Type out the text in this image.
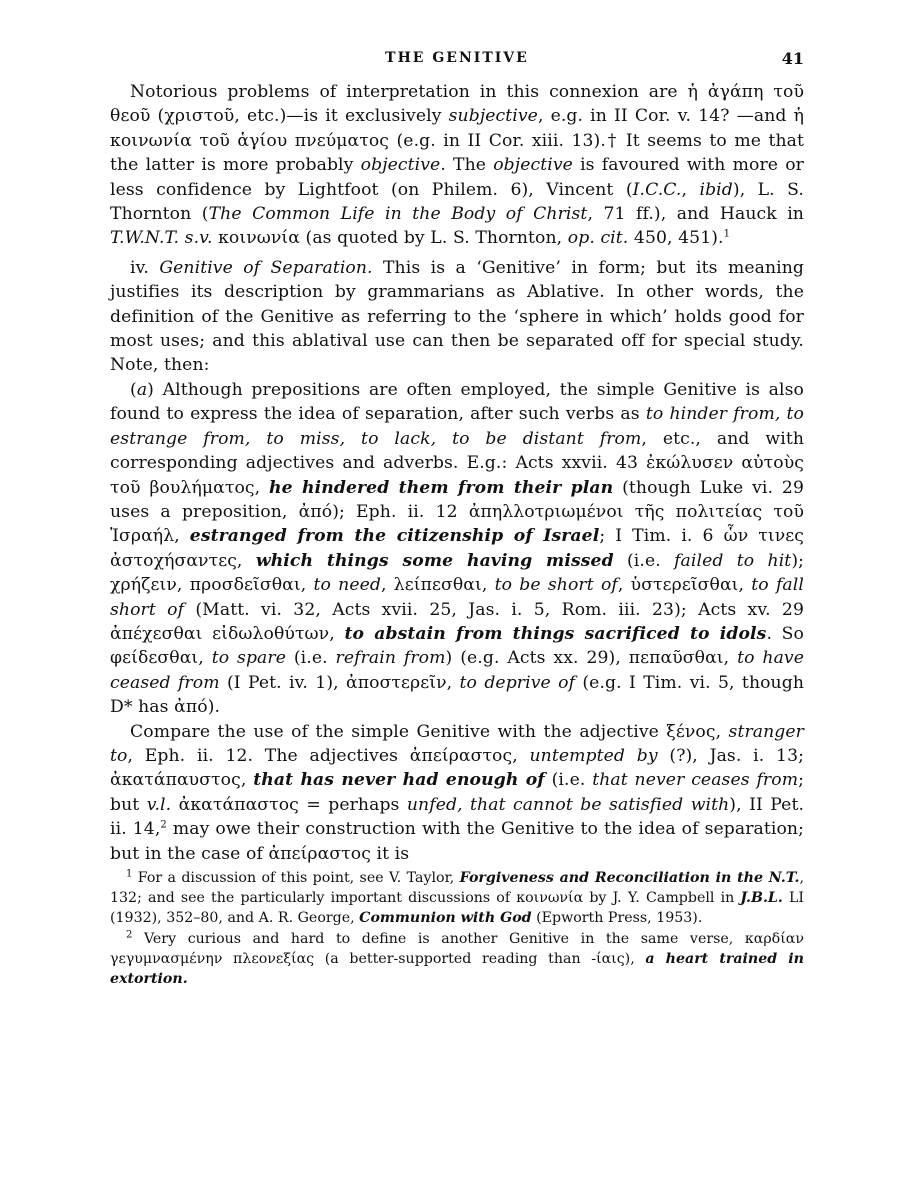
THE GENITIVE	41

Notorious problems of interpretation in this connexion are ἡ ἀγάπη τοῦ θεοῦ (χριστοῦ, etc.)—is it exclusively subjective, e.g. in II Cor. v. 14? —and ἡ κοινωνία τοῦ ἁγίου πνεύματος (e.g. in II Cor. xiii. 13).† It seems to me that the latter is more probably objective. The objective is favoured with more or less confidence by Lightfoot (on Philem. 6), Vincent (I.C.C., ibid), L. S. Thornton (The Common Life in the Body of Christ, 71 ff.), and Hauck in T.W.N.T. s.v. κοινωνία (as quoted by L. S. Thornton, op. cit. 450, 451).$^1$

iv. Genitive of Separation. This is a ‘Genitive’ in form; but its meaning justifies its description by grammarians as Ablative. In other words, the definition of the Genitive as referring to the ‘sphere in which’ holds good for most uses; and this ablatival use can then be separated off for special study. Note, then:

(a) Although prepositions are often employed, the simple Genitive is also found to express the idea of separation, after such verbs as to hinder from, to estrange from, to miss, to lack, to be distant from, etc., and with corresponding adjectives and adverbs. E.g.: Acts xxvii. 43 ἐκώλυσεν αὐτοὺς τοῦ βουλήματος, he hindered them from their plan (though Luke vi. 29 uses a preposition, ἀπό); Eph. ii. 12 ἀπηλλοτριωμένοι τῆς πολιτείας τοῦ Ἰσραήλ, estranged from the citizenship of Israel; I Tim. i. 6 ὧν τινες ἀστοχήσαντες, which things some having missed (i.e. failed to hit); χρήζειν, προσδεῖσθαι, to need, λείπεσθαι, to be short of, ὑστερεῖσθαι, to fall short of (Matt. vi. 32, Acts xvii. 25, Jas. i. 5, Rom. iii. 23); Acts xv. 29 ἀπέχεσθαι εἰδωλοθύτων, to abstain from things sacrificed to idols. So φείδεσθαι, to spare (i.e. refrain from) (e.g. Acts xx. 29), πεπαῦσθαι, to have ceased from (I Pet. iv. 1), ἀποστερεῖν, to deprive of (e.g. I Tim. vi. 5, though D* has ἀπό).

Compare the use of the simple Genitive with the adjective ξένος, stranger to, Eph. ii. 12. The adjectives ἀπείραστος, untempted by (?), Jas. i. 13; ἀκατάπαυστος, that has never had enough of (i.e. that never ceases from; but v.l. ἀκατάπαστος = perhaps unfed, that cannot be satisfied with), II Pet. ii. 14,$^2$ may owe their construction with the Genitive to the idea of separation; but in the case of ἀπείραστος it is

$^1$ For a discussion of this point, see V. Taylor, Forgiveness and Reconciliation in the N.T., 132; and see the particularly important discussions of κοινωνία by J. Y. Campbell in J.B.L. LI (1932), 352–80, and A. R. George, Communion with God (Epworth Press, 1953).

$^2$ Very curious and hard to define is another Genitive in the same verse, καρδίαν γεγυμνασμένην πλεονεξίας (a better-supported reading than -ίαις), a heart trained in extortion.
